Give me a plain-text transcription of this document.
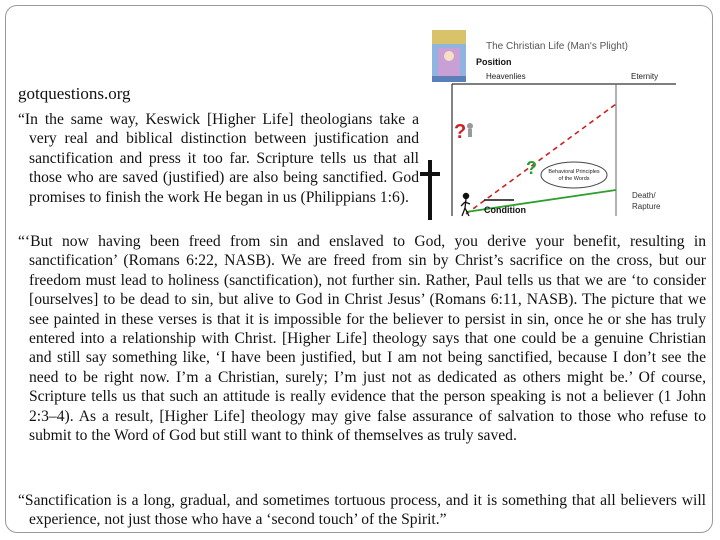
gotquestions.org

“In the same way, Keswick [Higher Life] theologians take a very real and biblical distinction between justification and sanctification and press it too far. Scripture tells us that all those who are saved (justified) are also being sanctified. God promises to finish the work He began in us (Philippians 1:6).

The Christian Life (Man's Plight)
Position
Heavenlies	Eternity
?
? Behavioral Principles
of the Words
Condition
Death/
Rapture

“‘But now having been freed from sin and enslaved to God, you derive your benefit, resulting in sanctification’ (Romans 6:22, NASB). We are freed from sin by Christ’s sacrifice on the cross, but our freedom must lead to holiness (sanctification), not further sin. Rather, Paul tells us that we are ‘to consider [ourselves] to be dead to sin, but alive to God in Christ Jesus’ (Romans 6:11, NASB). The picture that we see painted in these verses is that it is impossible for the believer to persist in sin, once he or she has truly entered into a relationship with Christ. [Higher Life] theology says that one could be a genuine Christian and still say something like, ‘I have been justified, but I am not being sanctified, because I don’t see the need to be right now. I’m a Christian, surely; I’m just not as dedicated as others might be.’ Of course, Scripture tells us that such an attitude is really evidence that the person speaking is not a believer (1 John 2:3–4). As a result, [Higher Life] theology may give false assurance of salvation to those who refuse to submit to the Word of God but still want to think of themselves as truly saved.

“Sanctification is a long, gradual, and sometimes tortuous process, and it is something that all believers will experience, not just those who have a ‘second touch’ of the Spirit.”
